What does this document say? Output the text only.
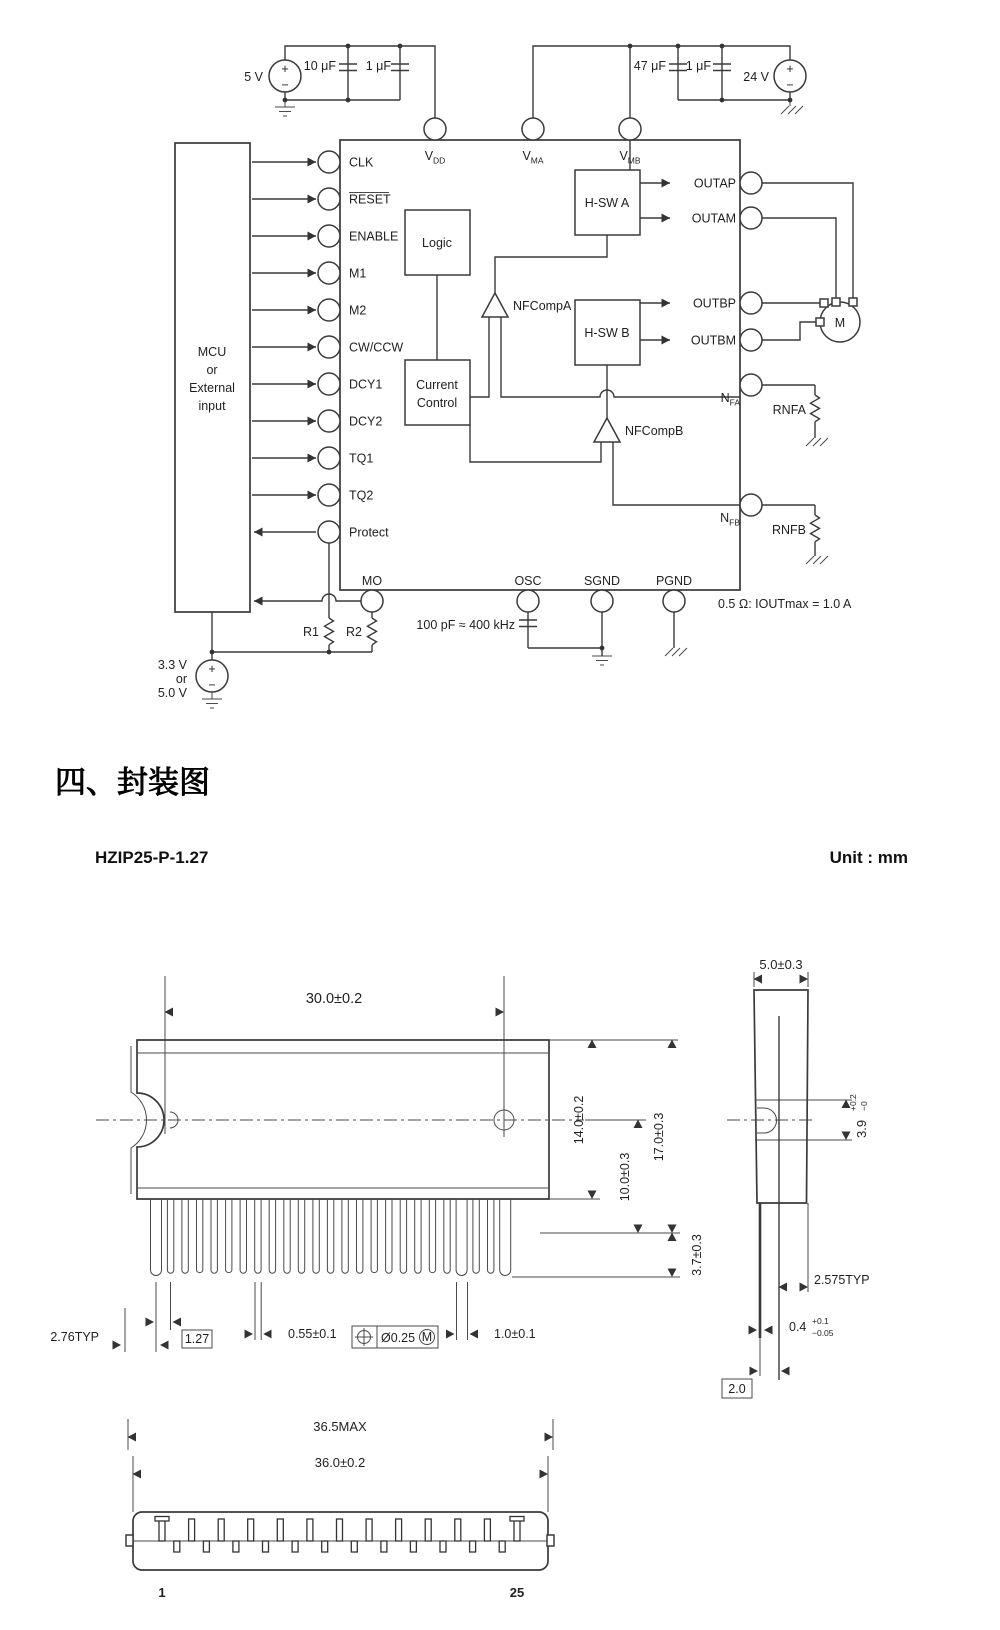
MCU
or
External
input
+
−
5 V
10 μF 1 μF	+
−
24 V
47 μF 1 μF
$V_{DD}$	$V_{MA}$	$V_{MB}$
CLK
RESET
ENABLE
M1
M2
CW/CCW
DCY1
DCY2
TQ1
TQ2
Protect
Logic
Current
Control
H-SW A
H-SW B
NFCompA
NFCompB
OUTAP
OUTAM
OUTBP
OUTBM
$N_{FA}$
$N_{FB}$
M
RNFA
RNFB
0.5 Ω: IOUTmax = 1.0 A
MO	OSC	SGND	PGND
R1 R2
+
−
3.3 V
or
5.0 V
100 pF ≈ 400 kHz
四、封装图
HZIP25-P-1.27	Unit : mm
30.0±0.2
14.0±0.2
10.0±0.3
17.0±0.3
3.7±0.3
2.76TYP	1.27	0.55±0.1	Ø0.25 M	1.0±0.1
5.0±0.3
3.9
+0.2 −0
2.575TYP
0.4 +0.1
−0.05
2.0
36.5MAX
36.0±0.2
1	25
